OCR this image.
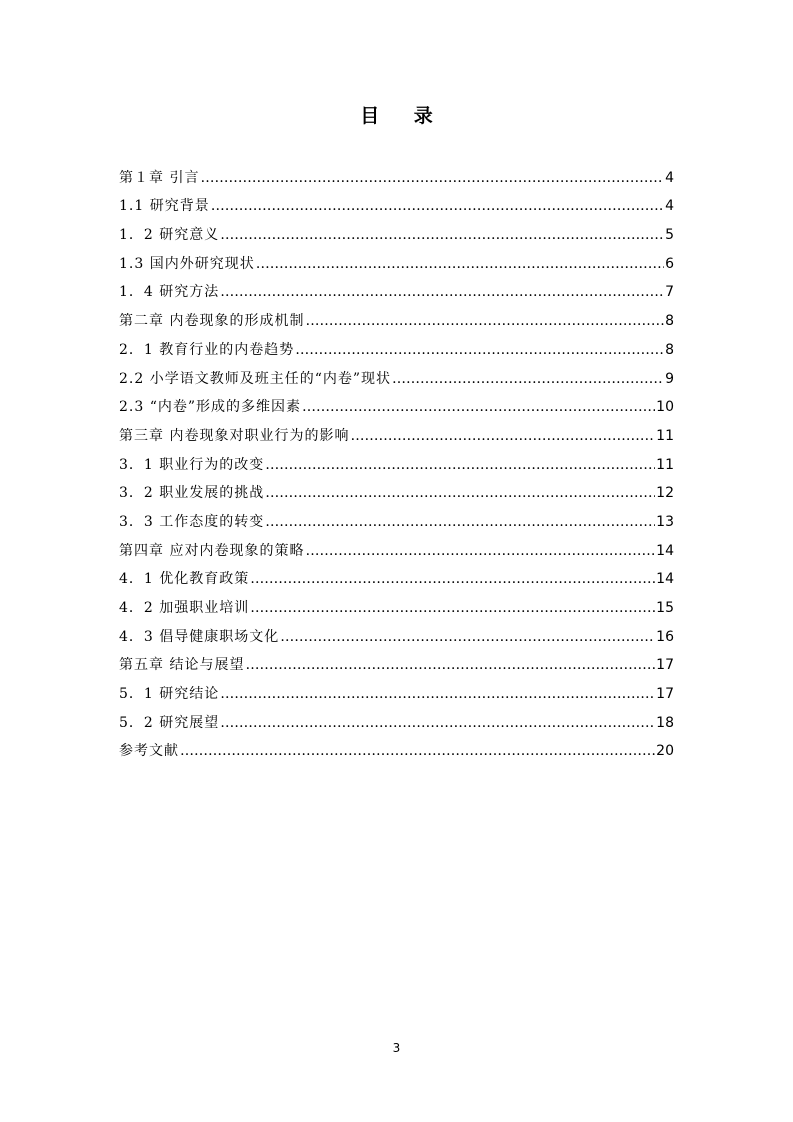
目 录
第１章 引言 …………………………………………………………………………………………………………………………………………………………………………………………	4
1.1 研究背景 …………………………………………………………………………………………………………………………………………………………………………………………	4
1．2 研究意义 …………………………………………………………………………………………………………………………………………………………………………………………	5
1.3 国内外研究现状 …………………………………………………………………………………………………………………………………………………………………………………………	6
1．4 研究方法 …………………………………………………………………………………………………………………………………………………………………………………………	7
第二章 内卷现象的形成机制 …………………………………………………………………………………………………………………………………………………………………………………………	8
2．1 教育行业的内卷趋势 …………………………………………………………………………………………………………………………………………………………………………………………	8
2.2 小学语文教师及班主任的“内卷”现状 …………………………………………………………………………………………………………………………………………………………………………………………	9
2.3 “内卷”形成的多维因素 …………………………………………………………………………………………………………………………………………………………………………………………	10
第三章 内卷现象对职业行为的影响 …………………………………………………………………………………………………………………………………………………………………………………………	11
3．1 职业行为的改变 …………………………………………………………………………………………………………………………………………………………………………………………	11
3．2 职业发展的挑战 …………………………………………………………………………………………………………………………………………………………………………………………	12
3．3 工作态度的转变 …………………………………………………………………………………………………………………………………………………………………………………………	13
第四章 应对内卷现象的策略 …………………………………………………………………………………………………………………………………………………………………………………………	14
4．1 优化教育政策 …………………………………………………………………………………………………………………………………………………………………………………………	14
4．2 加强职业培训 …………………………………………………………………………………………………………………………………………………………………………………………	15
4．3 倡导健康职场文化 …………………………………………………………………………………………………………………………………………………………………………………………	16
第五章 结论与展望 …………………………………………………………………………………………………………………………………………………………………………………………	17
5．1 研究结论 …………………………………………………………………………………………………………………………………………………………………………………………	17
5．2 研究展望 …………………………………………………………………………………………………………………………………………………………………………………………	18
参考文献 …………………………………………………………………………………………………………………………………………………………………………………………	20
3
